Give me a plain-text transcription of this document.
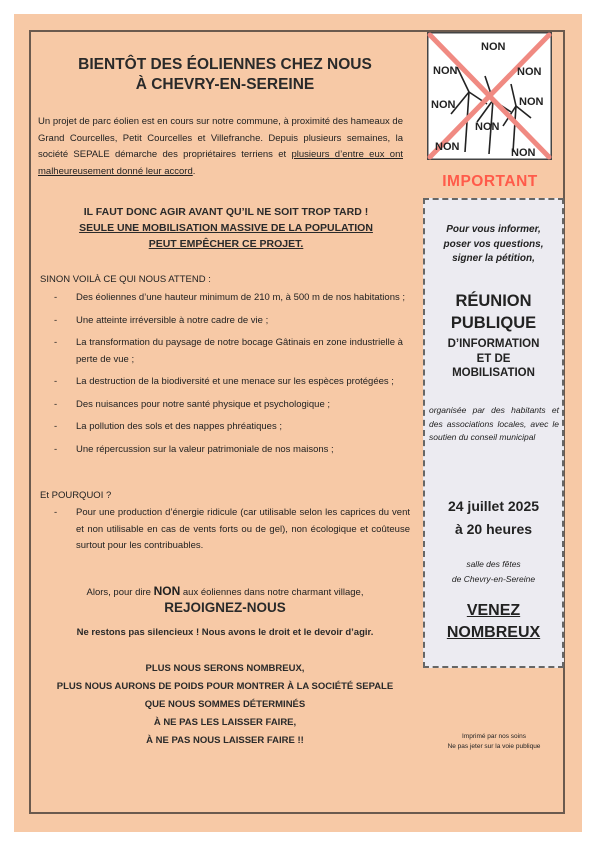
BIENTÔT DES ÉOLIENNES CHEZ NOUS
À CHEVRY-EN-SEREINE
Un projet de parc éolien est en cours sur notre commune, à proximité des hameaux de Grand Courcelles, Petit Courcelles et Villefranche. Depuis plusieurs semaines, la société SEPALE démarche des propriétaires terriens et plusieurs d’entre eux ont malheureusement donné leur accord.
IL FAUT DONC AGIR AVANT QU’IL NE SOIT TROP TARD !
SEULE UNE MOBILISATION MASSIVE DE LA POPULATION
PEUT EMPÊCHER CE PROJET.
SINON VOILÀ CE QUI NOUS ATTEND :
- Des éoliennes d’une hauteur minimum de 210 m, à 500 m de nos habitations ;
- Une atteinte irréversible à notre cadre de vie ;
- La transformation du paysage de notre bocage Gâtinais en zone industrielle à perte de vue ;
- La destruction de la biodiversité et une menace sur les espèces protégées ;
- Des nuisances pour notre santé physique et psychologique ;
- La pollution des sols et des nappes phréatiques ;
- Une répercussion sur la valeur patrimoniale de nos maisons ;
Et POURQUOI ?
- Pour une production d’énergie ridicule (car utilisable selon les caprices du vent et non utilisable en cas de vents forts ou de gel), non écologique et coûteuse surtout pour les contribuables.
Alors, pour dire NON aux éoliennes dans notre charmant village,
REJOIGNEZ-NOUS
Ne restons pas silencieux ! Nous avons le droit et le devoir d’agir.
PLUS NOUS SERONS NOMBREUX,
PLUS NOUS AURONS DE POIDS POUR MONTRER À LA SOCIÉTÉ SEPALE
QUE NOUS SOMMES DÉTERMINÉS
À NE PAS LES LAISSER FAIRE,
À NE PAS NOUS LAISSER FAIRE !!
NON
NON	NON
NON	NON
NON
NON	NON
IMPORTANT
Pour vous informer,
poser vos questions,
signer la pétition,
RÉUNION
PUBLIQUE
D’INFORMATION
ET DE
MOBILISATION
organisée par des habitants et des associations locales, avec le soutien du conseil municipal
24 juillet 2025
à 20 heures
salle des fêtes
de Chevry-en-Sereine
VENEZ
NOMBREUX
Imprimé par nos soins
Ne pas jeter sur la voie publique
